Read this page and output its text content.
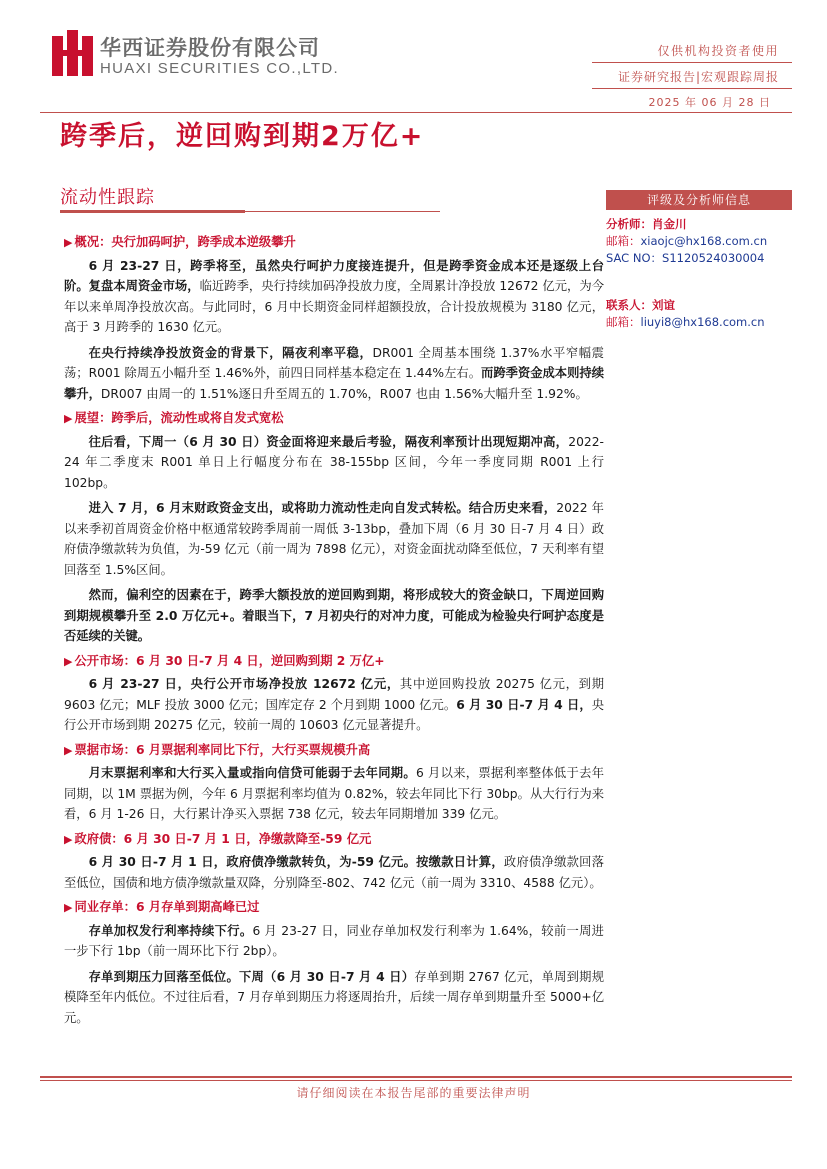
华西证券股份有限公司
HUAXI SECURITIES CO.,LTD.
仅供机构投资者使用
证券研究报告|宏观跟踪周报
2025 年 06 月 28 日
跨季后，逆回购到期2万亿+
流动性跟踪
▶ 概况：央行加码呵护，跨季成本逆级攀升

6 月 23-27 日，跨季将至，虽然央行呵护力度接连提升，但是跨季资金成本还是逐级上台阶。复盘本周资金市场，临近跨季，央行持续加码净投放力度，全周累计净投放 12672 亿元，为今年以来单周净投放次高。与此同时，6 月中长期资金同样超额投放，合计投放规模为 3180 亿元，高于 3 月跨季的 1630 亿元。

在央行持续净投放资金的背景下，隔夜利率平稳，DR001 全周基本围绕 1.37%水平窄幅震荡；R001 除周五小幅升至 1.46%外，前四日同样基本稳定在 1.44%左右。而跨季资金成本则持续攀升，DR007 由周一的 1.51%逐日升至周五的 1.70%，R007 也由 1.56%大幅升至 1.92%。

▶ 展望：跨季后，流动性或将自发式宽松

往后看，下周一（6 月 30 日）资金面将迎来最后考验，隔夜利率预计出现短期冲高，2022-24 年二季度末 R001 单日上行幅度分布在 38-155bp 区间，今年一季度同期 R001 上行 102bp。

进入 7 月，6 月末财政资金支出，或将助力流动性走向自发式转松。结合历史来看，2022 年以来季初首周资金价格中枢通常较跨季周前一周低 3-13bp，叠加下周（6 月 30 日-7 月 4 日）政府债净缴款转为负值，为-59 亿元（前一周为 7898 亿元），对资金面扰动降至低位，7 天利率有望回落至 1.5%区间。

然而，偏利空的因素在于，跨季大额投放的逆回购到期，将形成较大的资金缺口，下周逆回购到期规模攀升至 2.0 万亿元+。着眼当下，7 月初央行的对冲力度，可能成为检验央行呵护态度是否延续的关键。

▶ 公开市场：6 月 30 日-7 月 4 日，逆回购到期 2 万亿+

6 月 23-27 日，央行公开市场净投放 12672 亿元，其中逆回购投放 20275 亿元，到期 9603 亿元；MLF 投放 3000 亿元；国库定存 2 个月到期 1000 亿元。6 月 30 日-7 月 4 日，央行公开市场到期 20275 亿元，较前一周的 10603 亿元显著提升。

▶ 票据市场：6 月票据利率同比下行，大行买票规模升高

月末票据利率和大行买入量或指向信贷可能弱于去年同期。6 月以来，票据利率整体低于去年同期，以 1M 票据为例，今年 6 月票据利率均值为 0.82%，较去年同比下行 30bp。从大行行为来看，6 月 1-26 日，大行累计净买入票据 738 亿元，较去年同期增加 339 亿元。

▶ 政府债：6 月 30 日-7 月 1 日，净缴款降至-59 亿元

6 月 30 日-7 月 1 日，政府债净缴款转负，为-59 亿元。按缴款日计算，政府债净缴款回落至低位，国债和地方债净缴款量双降，分别降至-802、742 亿元（前一周为 3310、4588 亿元）。

▶ 同业存单：6 月存单到期高峰已过

存单加权发行利率持续下行。6 月 23-27 日，同业存单加权发行利率为 1.64%，较前一周进一步下行 1bp（前一周环比下行 2bp）。

存单到期压力回落至低位。下周（6 月 30 日-7 月 4 日）存单到期 2767 亿元，单周到期规模降至年内低位。不过往后看，7 月存单到期压力将逐周抬升，后续一周存单到期量升至 5000+亿元。

评级及分析师信息
分析师：肖金川
邮箱：xiaojc@hx168.com.cn
SAC NO：S1120524030004
联系人：刘谊
邮箱：liuyi8@hx168.com.cn
请仔细阅读在本报告尾部的重要法律声明
